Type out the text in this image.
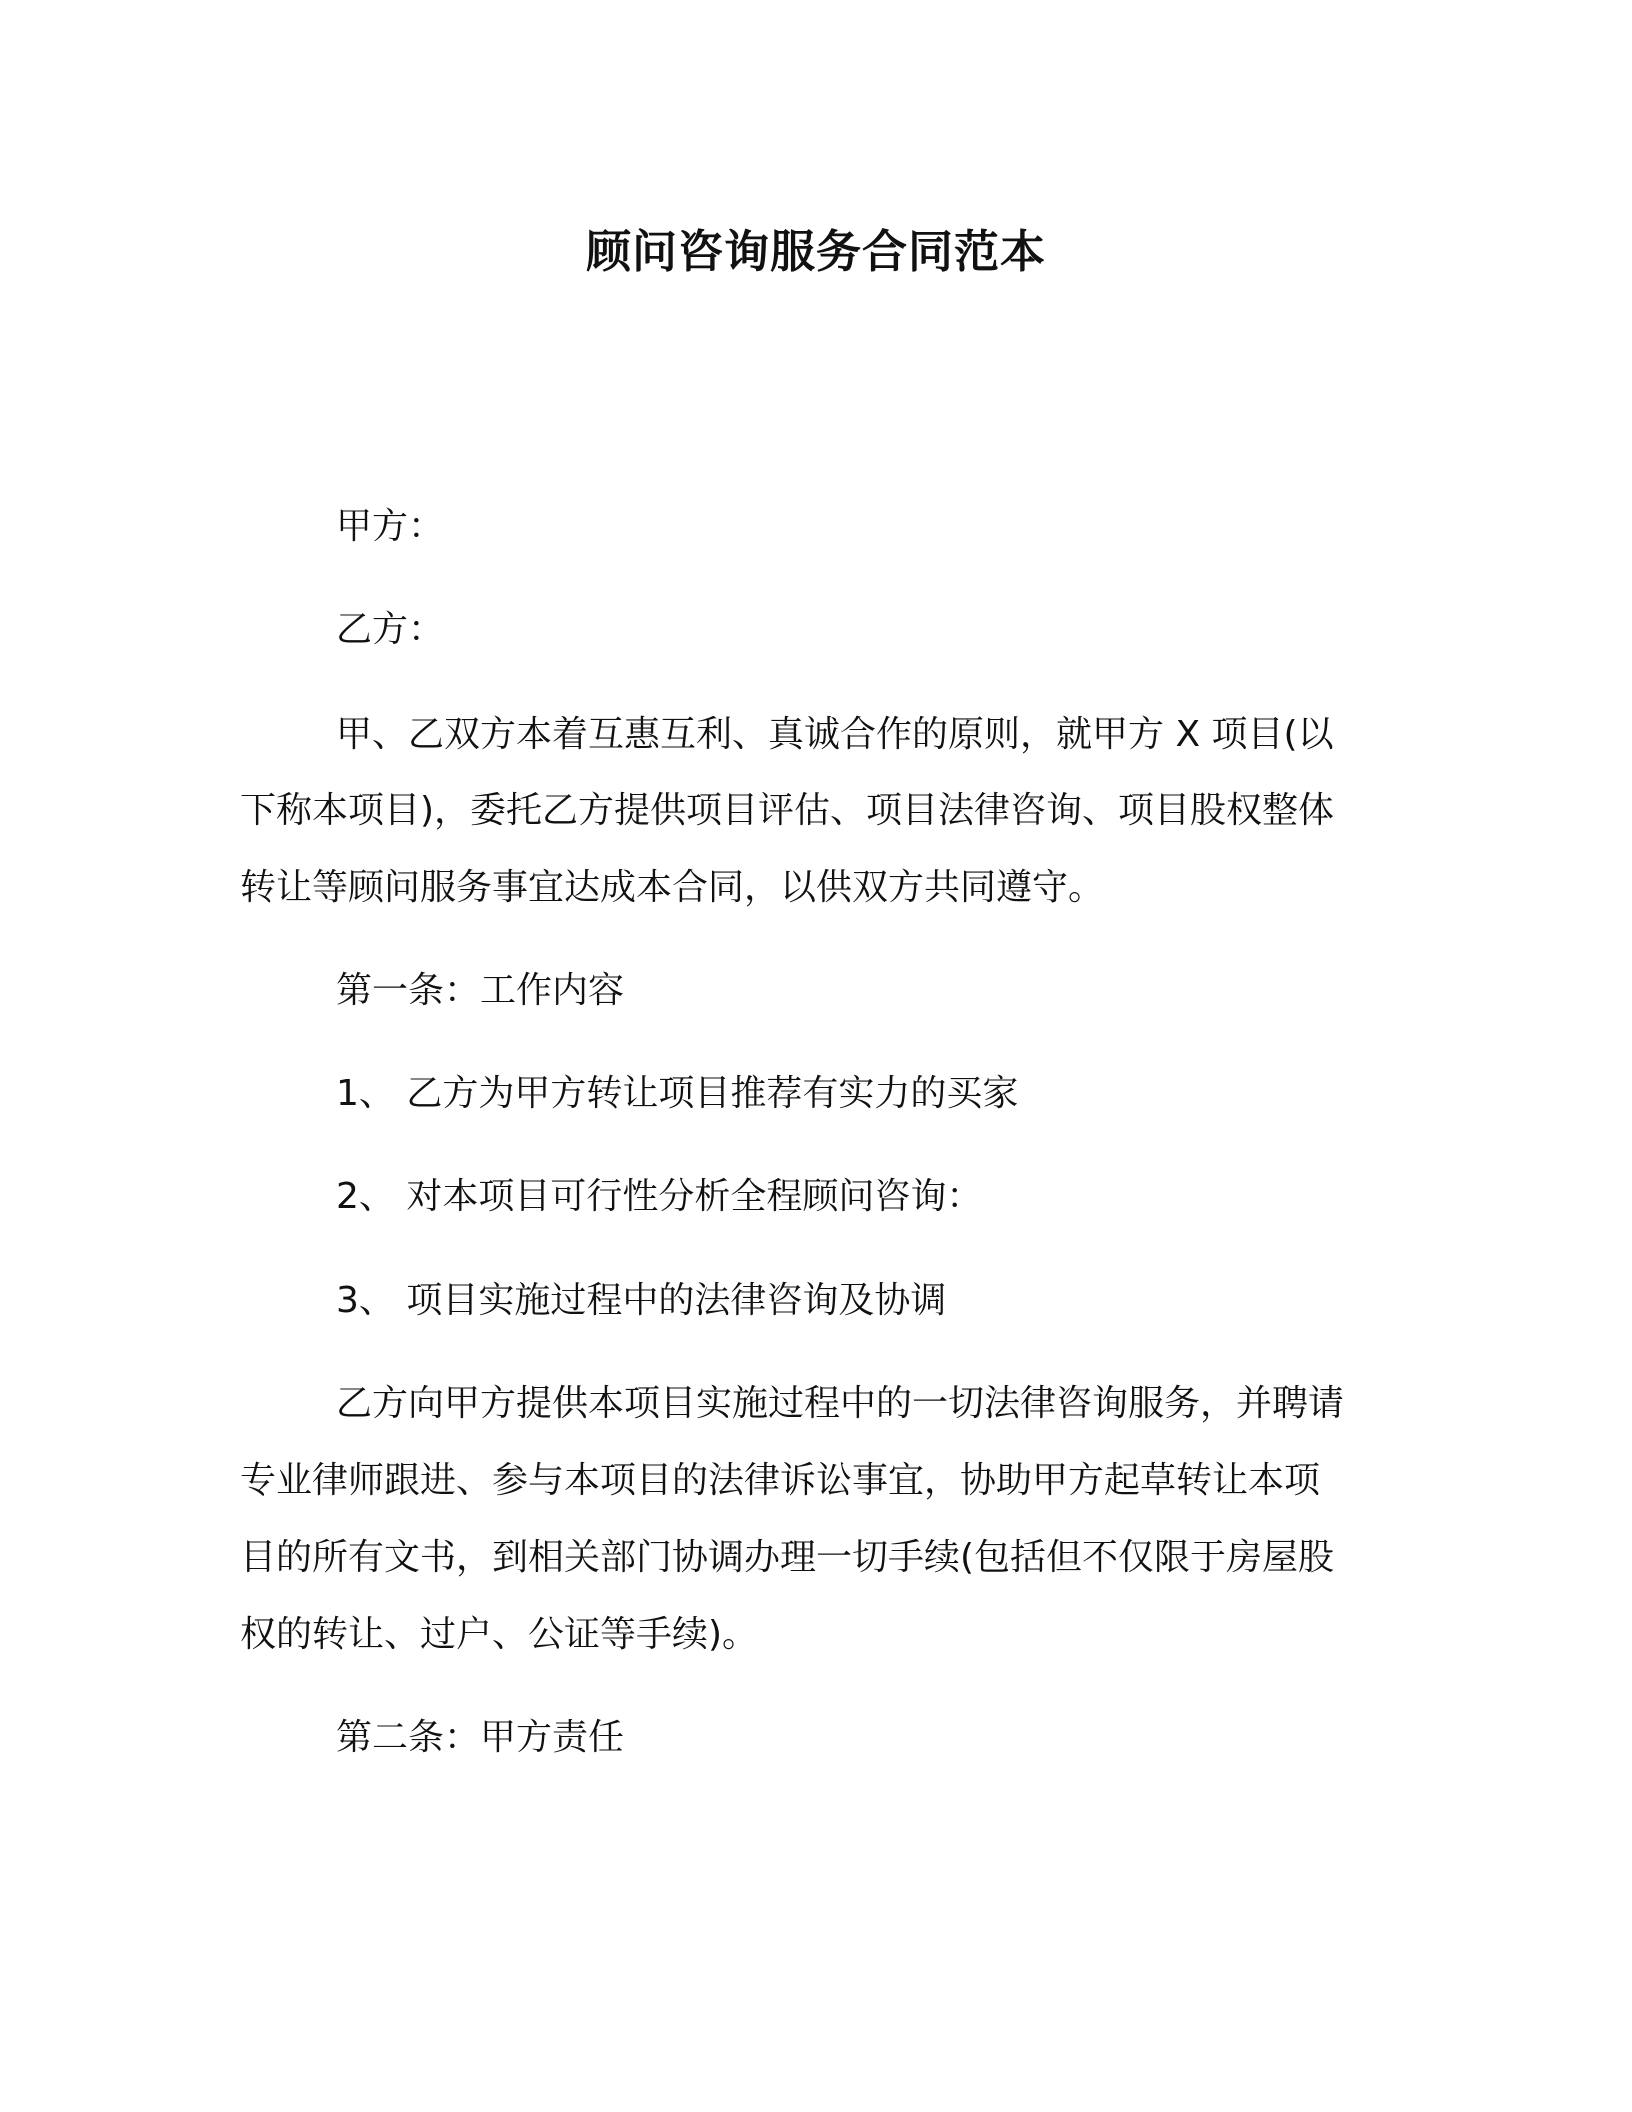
顾问咨询服务合同范本
甲方：
乙方：
甲、乙双方本着互惠互利、真诚合作的原则，就甲方 X 项目(以
下称本项目)，委托乙方提供项目评估、项目法律咨询、项目股权整体
转让等顾问服务事宜达成本合同，以供双方共同遵守。
第一条：工作内容
1、 乙方为甲方转让项目推荐有实力的买家
2、 对本项目可行性分析全程顾问咨询：
3、 项目实施过程中的法律咨询及协调
乙方向甲方提供本项目实施过程中的一切法律咨询服务，并聘请
专业律师跟进、参与本项目的法律诉讼事宜，协助甲方起草转让本项
目的所有文书，到相关部门协调办理一切手续(包括但不仅限于房屋股
权的转让、过户、公证等手续)。
第二条：甲方责任
